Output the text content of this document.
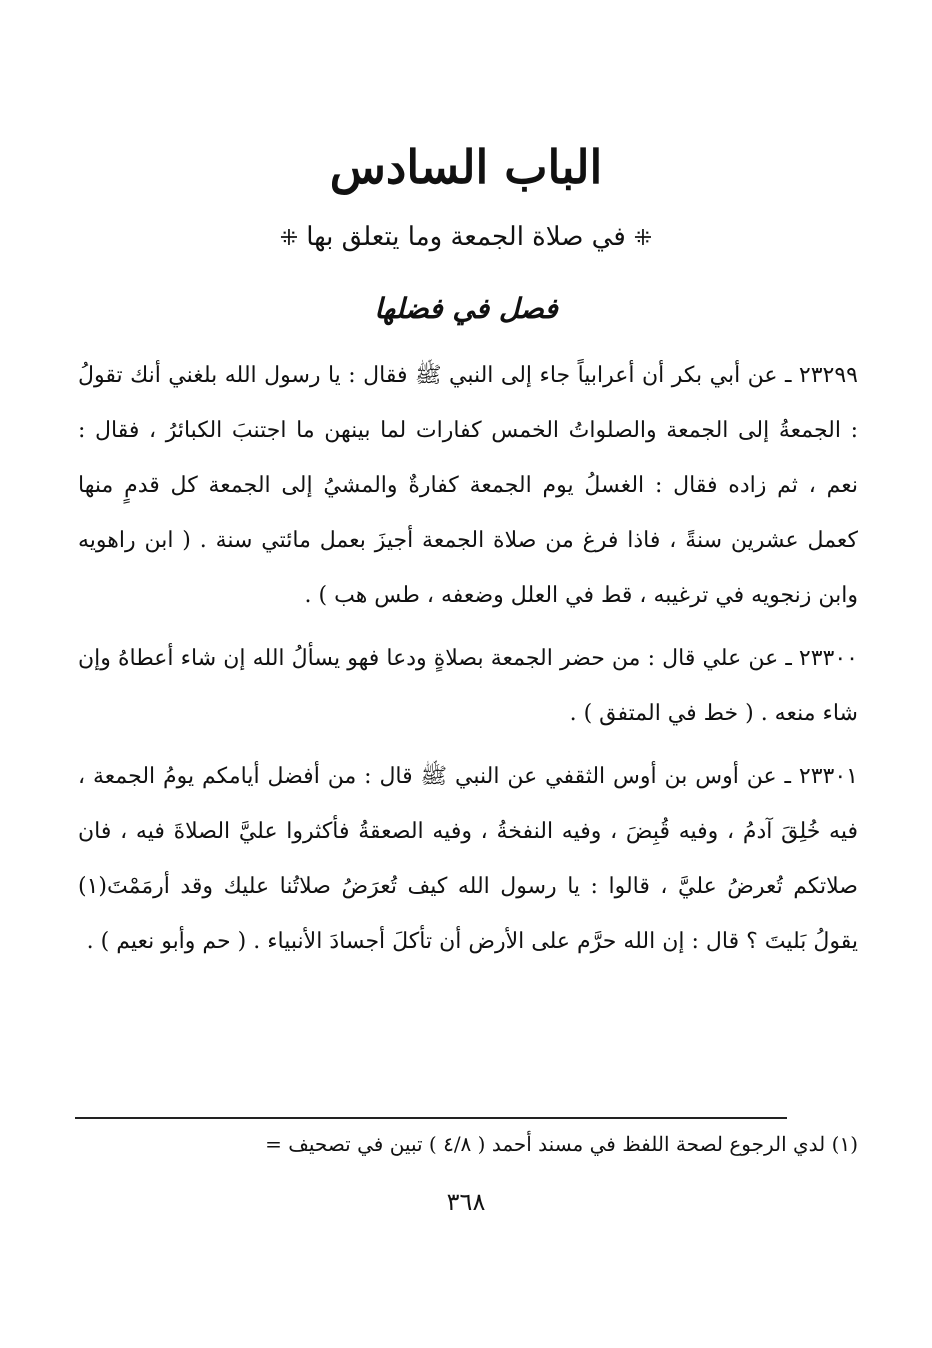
الباب السادس
⁜في صلاة الجمعة وما يتعلق بها⁜
فصل في فضلها

٢٣٢٩٩ ـ عن أبي بكر أن أعرابياً جاء إلى النبي ﷺ فقال : يا رسول الله بلغني أنك تقولُ : الجمعةُ إلى الجمعة والصلواتُ الخمس كفارات لما بينهن ما اجتنبَ الكبائرُ ، فقال : نعم ، ثم زاده فقال : الغسلُ يوم الجمعة كفارةٌ والمشيُ إلى الجمعة كل قدمٍ منها كعمل عشرين سنةً ، فاذا فرغ من صلاة الجمعة أجيزَ بعمل مائتي سنة . ( ابن راهويه وابن زنجويه في ترغيبه ، قط في العلل وضعفه ، طس هب ) .

٢٣٣٠٠ ـ عن علي قال : من حضر الجمعة بصلاةٍ ودعا فهو يسألُ الله إن شاء أعطاهُ وإن شاء منعه . ( خط في المتفق ) .

٢٣٣٠١ ـ عن أوس بن أوس الثقفي عن النبي ﷺ قال : من أفضل أيامكم يومُ الجمعة ، فيه خُلِقَ آدمُ ، وفيه قُبِضَ ، وفيه النفخةُ ، وفيه الصعقةُ فأكثروا عليَّ الصلاةَ فيه ، فان صلاتكم تُعرضُ عليَّ ، قالوا : يا رسول الله كيف تُعرَضُ صلاتُنا عليك وقد أرمَمْتَ(١) يقولُ بَليتَ ؟ قال : إن الله حرَّم على الأرض أن تأكلَ أجسادَ الأنبياء . ( حم وأبو نعيم ) .

(١) لدي الرجوع لصحة اللفظ في مسند أحمد ( ٤/٨ ) تبين في تصحيف =
٣٦٨
